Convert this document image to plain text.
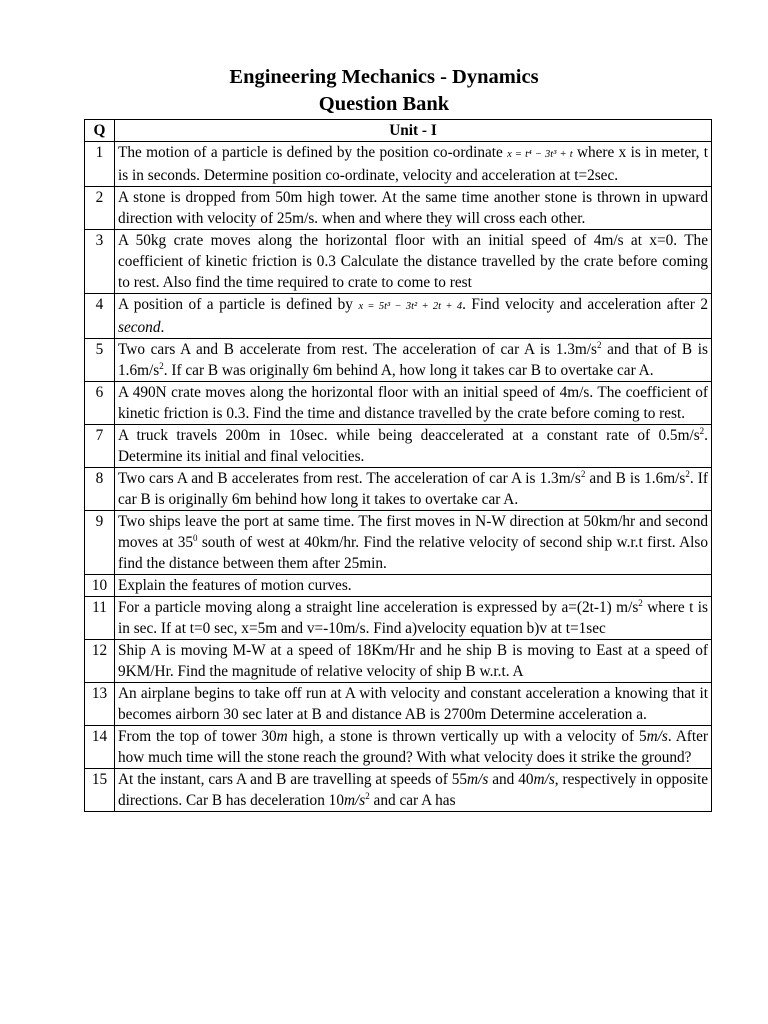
Engineering Mechanics - Dynamics
Question Bank
Q	Unit - I
1	The motion of a particle is defined by the position co-ordinate x = t⁴ − 3t³ + t where x is in meter, t is in seconds. Determine position co-ordinate, velocity and acceleration at t=2sec.
2	A stone is dropped from 50m high tower. At the same time another stone is thrown in upward direction with velocity of 25m/s. when and where they will cross each other.
3	A 50kg crate moves along the horizontal floor with an initial speed of 4m/s at x=0. The coefficient of kinetic friction is 0.3 Calculate the distance travelled by the crate before coming to rest. Also find the time required to crate to come to rest
4	A position of a particle is defined by x = 5t³ − 3t² + 2t + 4. Find velocity and acceleration after 2 second.
5	Two cars A and B accelerate from rest. The acceleration of car A is $1.3m/s^2$ and that of B is $1.6m/s^2$. If car B was originally 6m behind A, how long it takes car B to overtake car A.
6	A 490N crate moves along the horizontal floor with an initial speed of 4m/s. The coefficient of kinetic friction is 0.3. Find the time and distance travelled by the crate before coming to rest.
7	A truck travels 200m in 10sec. while being deaccelerated at a constant rate of $0.5m/s^2$. Determine its initial and final velocities.
8	Two cars A and B accelerates from rest. The acceleration of car A is $1.3m/s^2$ and B is $1.6m/s^2$. If car B is originally 6m behind how long it takes to overtake car A.
9	Two ships leave the port at same time. The first moves in N-W direction at 50km/hr and second moves at $35^0$ south of west at 40km/hr. Find the relative velocity of second ship w.r.t first. Also find the distance between them after 25min.
10	Explain the features of motion curves.
11	For a particle moving along a straight line acceleration is expressed by a=(2t-1) $m/s^2$ where t is in sec. If at t=0 sec, x=5m and v=-10m/s. Find a)velocity equation b)v at t=1sec
12	Ship A is moving M-W at a speed of 18Km/Hr and he ship B is moving to East at a speed of 9KM/Hr. Find the magnitude of relative velocity of ship B w.r.t. A
13	An airplane begins to take off run at A with velocity and constant acceleration a knowing that it becomes airborn 30 sec later at B and distance AB is 2700m Determine acceleration a.
14	From the top of tower 30m high, a stone is thrown vertically up with a velocity of 5m/s. After how much time will the stone reach the ground? With what velocity does it strike the ground?
15	At the instant, cars A and B are travelling at speeds of 55m/s and 40m/s, respectively in opposite directions. Car B has deceleration $10m/s^2$ and car A has
